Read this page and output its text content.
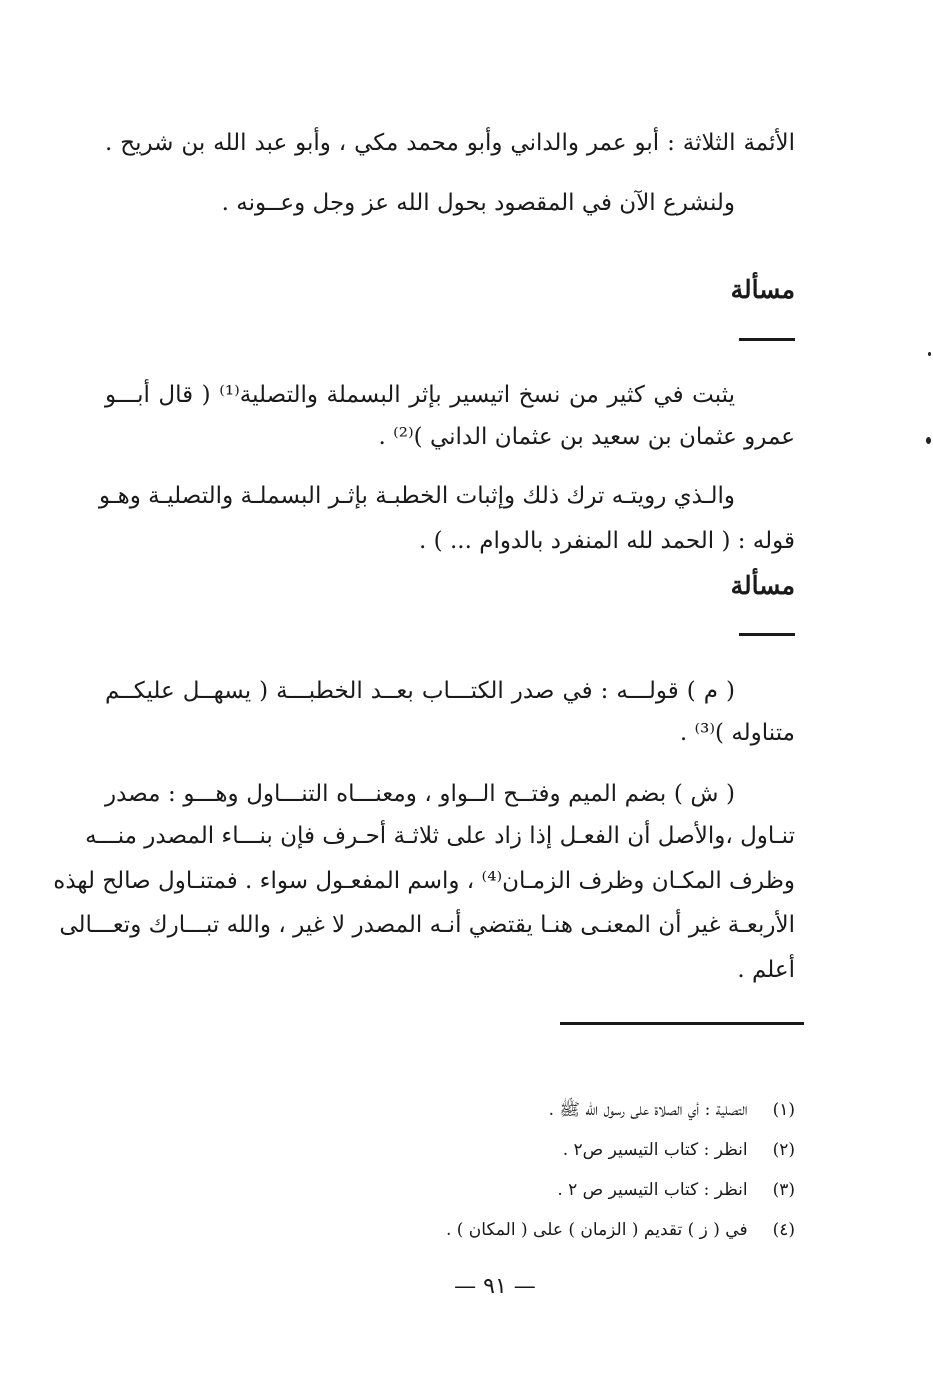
الأئمة الثلاثة : أبو عمر والداني وأبو محمد مكي ، وأبو عبد الله بن شريح .
ولنشرع الآن في المقصود بحول الله عز وجل وعــونه .
مسألة
يثبت في كثير من نسخ اتيسير بإثر البسملة والتصلية⁽¹⁾ ( قال أبـــو
عمرو عثمان بن سعيد بن عثمان الداني )⁽²⁾ .
والـذي رويتـه ترك ذلك وإثبات الخطبـة بإثـر البسملـة والتصليـة وهـو
قوله : ( الحمد لله المنفرد بالدوام ... ) .
مسألة
( م ) قولـــه : في صدر الكتـــاب بعــد الخطبـــة ( يسهــل عليكــم
متناوله )⁽³⁾ .
( ش ) بضم الميم وفتــح الــواو ، ومعنـــاه التنـــاول وهـــو : مصدر
تنـاول ،والأصل أن الفعـل إذا زاد على ثلاثـة أحـرف فإن بنـــاء المصدر منـــه
وظرف المكـان وظرف الزمـان⁽⁴⁾ ، واسم المفعـول سواء . فمتنـاول صالح لهذه
الأربعـة غير أن المعنـى هنـا يقتضي أنـه المصدر لا غير ، والله تبـــارك وتعـــالى
أعلم .
(١) التصلية : أي الصلاة على رسول الله ﷺ .
(٢) انظر : كتاب التيسير ص٢ .
(٣) انظر : كتاب التيسير ص ٢ .
(٤) في ( ز ) تقديم ( الزمان ) على ( المكان ) .
— ٩١ —
